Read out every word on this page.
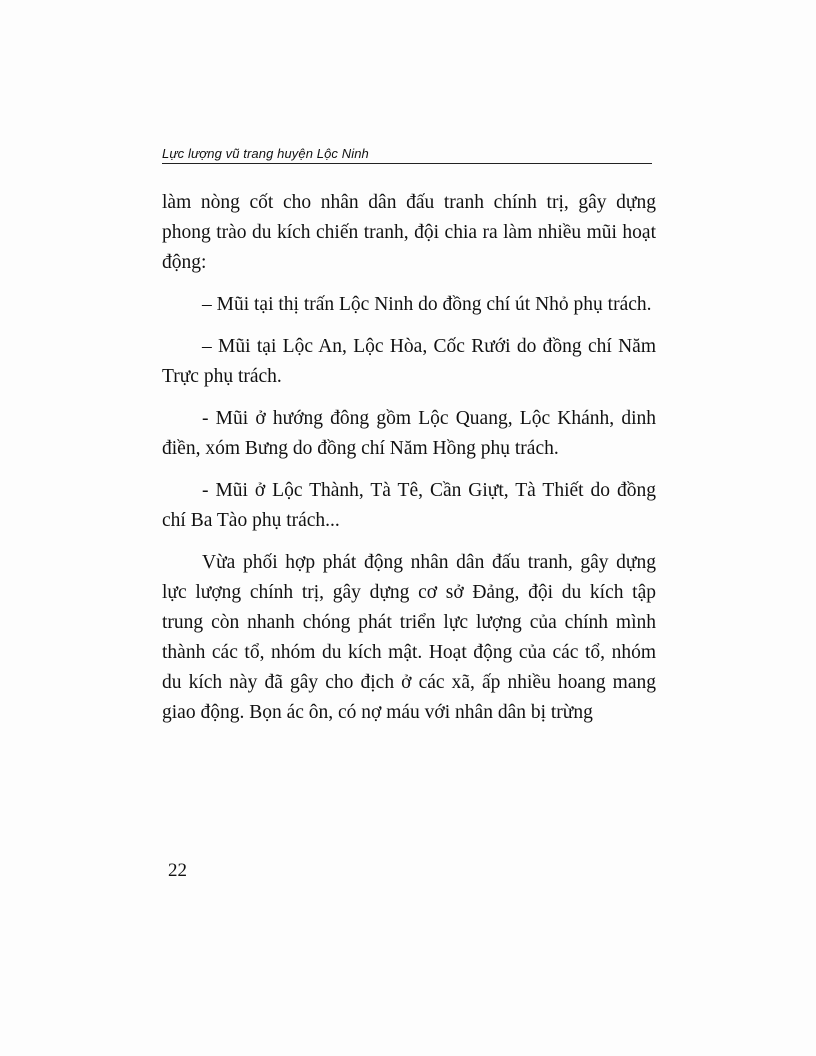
Lực lượng vũ trang huyện Lộc Ninh

làm nòng cốt cho nhân dân đấu tranh chính trị, gây dựng phong trào du kích chiến tranh, đội chia ra làm nhiều mũi hoạt động:

– Mũi tại thị trấn Lộc Ninh do đồng chí út Nhỏ phụ trách.

– Mũi tại Lộc An, Lộc Hòa, Cốc Rưới do đồng chí Năm Trực phụ trách.

- Mũi ở hướng đông gồm Lộc Quang, Lộc Khánh, dinh điền, xóm Bưng do đồng chí Năm Hồng phụ trách.

- Mũi ở Lộc Thành, Tà Tê, Cần Giựt, Tà Thiết do đồng chí Ba Tào phụ trách...

Vừa phối hợp phát động nhân dân đấu tranh, gây dựng lực lượng chính trị, gây dựng cơ sở Đảng, đội du kích tập trung còn nhanh chóng phát triển lực lượng của chính mình thành các tổ, nhóm du kích mật. Hoạt động của các tổ, nhóm du kích này đã gây cho địch ở các xã, ấp nhiều hoang mang giao động. Bọn ác ôn, có nợ máu với nhân dân bị trừng

22
